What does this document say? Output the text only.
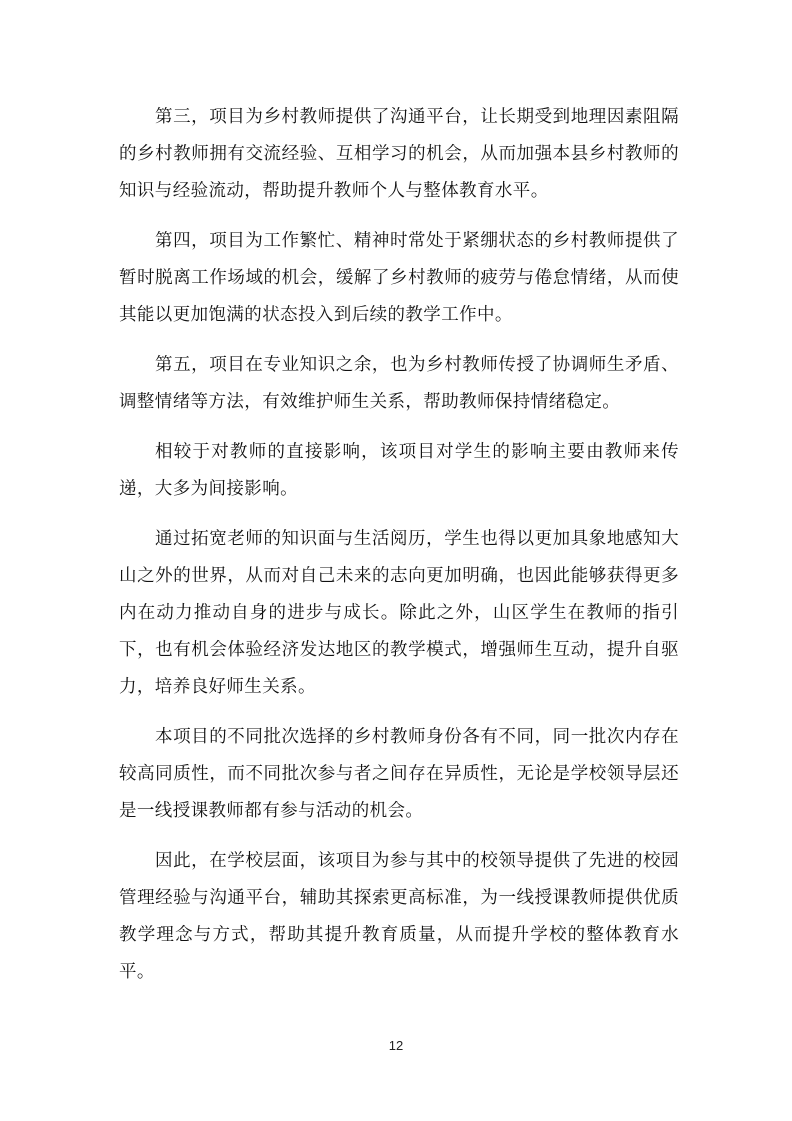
第三，项目为乡村教师提供了沟通平台，让长期受到地理因素阻隔的乡村教师拥有交流经验、互相学习的机会，从而加强本县乡村教师的知识与经验流动，帮助提升教师个人与整体教育水平。

第四，项目为工作繁忙、精神时常处于紧绷状态的乡村教师提供了暂时脱离工作场域的机会，缓解了乡村教师的疲劳与倦怠情绪，从而使其能以更加饱满的状态投入到后续的教学工作中。

第五，项目在专业知识之余，也为乡村教师传授了协调师生矛盾、调整情绪等方法，有效维护师生关系，帮助教师保持情绪稳定。

相较于对教师的直接影响，该项目对学生的影响主要由教师来传递，大多为间接影响。

通过拓宽老师的知识面与生活阅历，学生也得以更加具象地感知大山之外的世界，从而对自己未来的志向更加明确，也因此能够获得更多内在动力推动自身的进步与成长。除此之外，山区学生在教师的指引下，也有机会体验经济发达地区的教学模式，增强师生互动，提升自驱力，培养良好师生关系。

本项目的不同批次选择的乡村教师身份各有不同，同一批次内存在较高同质性，而不同批次参与者之间存在异质性，无论是学校领导层还是一线授课教师都有参与活动的机会。

因此，在学校层面，该项目为参与其中的校领导提供了先进的校园管理经验与沟通平台，辅助其探索更高标准，为一线授课教师提供优质教学理念与方式，帮助其提升教育质量，从而提升学校的整体教育水平。

12
